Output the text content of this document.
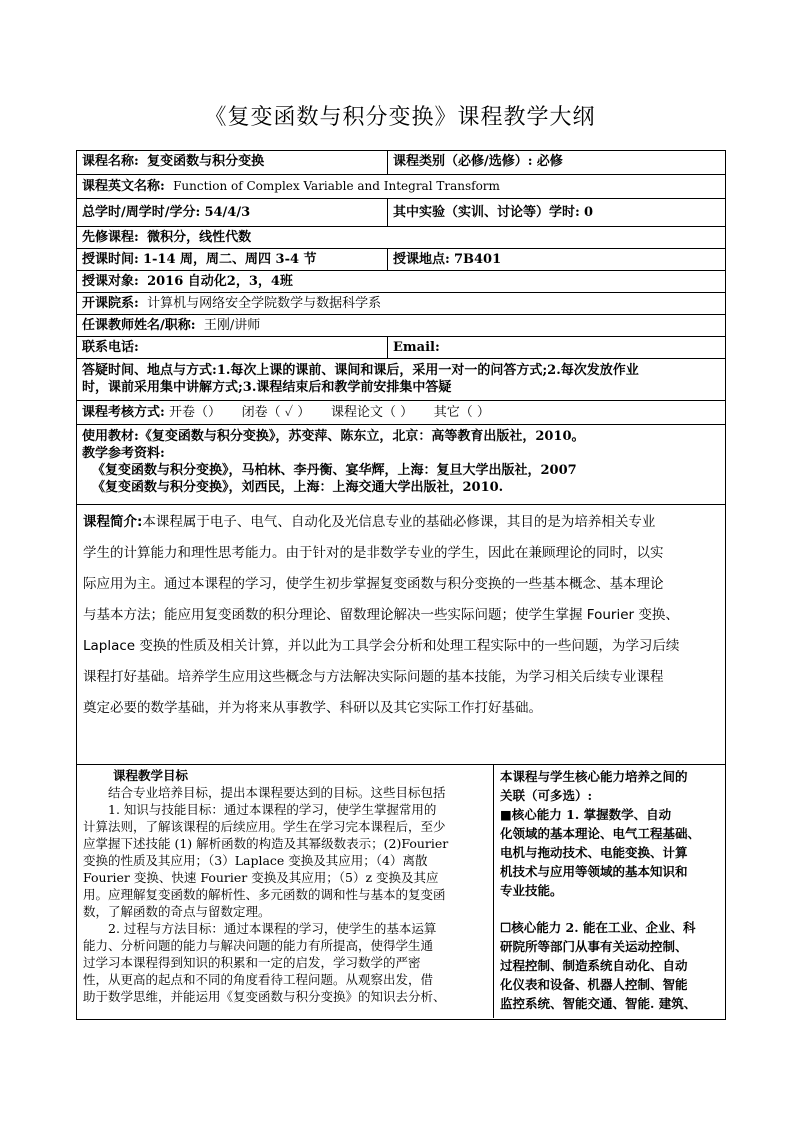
《复变函数与积分变换》课程教学大纲
课程名称: 复变函数与积分变换	课程类别（必修/选修）: 必修
课程英文名称: Function of Complex Variable and Integral Transform
总学时/周学时/学分: 54/4/3	其中实验（实训、讨论等）学时: 0
先修课程: 微积分，线性代数
授课时间: 1-14 周，周二、周四 3-4 节	授课地点: 7B401
授课对象: 2016 自动化2，3，4班
开课院系: 计算机与网络安全学院数学与数据科学系
任课教师姓名/职称: 王刚/讲师
联系电话:	Email:
答疑时间、地点与方式:1.每次上课的课前、课间和课后，采用一对一的问答方式;2.每次发放作业
时，课前采用集中讲解方式;3.课程结束后和教学前安排集中答疑
课程考核方式: 开卷（） 闭卷（ ✓ ） 课程论文（ ） 其它（ ）
使用教材:《复变函数与积分变换》，苏变萍、陈东立，北京：高等教育出版社，2010。
教学参考资料:
《复变函数与积分变换》，马柏林、李丹衡、宴华辉，上海：复旦大学出版社，2007
《复变函数与积分变换》，刘西民，上海：上海交通大学出版社，2010.

课程简介:本课程属于电子、电气、自动化及光信息专业的基础必修课，其目的是为培养相关专业

学生的计算能力和理性思考能力。由于针对的是非数学专业的学生，因此在兼顾理论的同时，以实

际应用为主。通过本课程的学习，使学生初步掌握复变函数与积分变换的一些基本概念、基本理论

与基本方法；能应用复变函数的积分理论、留数理论解决一些实际问题；使学生掌握 Fourier 变换、

Laplace 变换的性质及相关计算，并以此为工具学会分析和处理工程实际中的一些问题，为学习后续

课程打好基础。培养学生应用这些概念与方法解决实际问题的基本技能，为学习相关后续专业课程

奠定必要的数学基础，并为将来从事教学、科研以及其它实际工作打好基础。

课程教学目标

结合专业培养目标，提出本课程要达到的目标。这些目标包括

1. 知识与技能目标：通过本课程的学习，使学生掌握常用的

计算法则，了解该课程的后续应用。学生在学习完本课程后，至少

应掌握下述技能 (1) 解析函数的构造及其幂级数表示；(2)Fourier

变换的性质及其应用；（3）Laplace 变换及其应用；（4）离散

Fourier 变换、快速 Fourier 变换及其应用；（5）z 变换及其应

用。应理解复变函数的解析性、多元函数的调和性与基本的复变函

数，了解函数的奇点与留数定理。

2. 过程与方法目标：通过本课程的学习，使学生的基本运算

能力、分析问题的能力与解决问题的能力有所提高，使得学生通

过学习本课程得到知识的积累和一定的启发，学习数学的严密

性，从更高的起点和不同的角度看待工程问题。从观察出发，借

助于数学思维，并能运用《复变函数与积分变换》的知识去分析、

本课程与学生核心能力培养之间的

关联（可多选）:

■核心能力 1. 掌握数学、自动

化领域的基本理论、电气工程基础、

电机与拖动技术、电能变换、计算

机技术与应用等领域的基本知识和

专业技能。

☐核心能力 2. 能在工业、企业、科

研院所等部门从事有关运动控制、

过程控制、制造系统自动化、自动

化仪表和设备、机器人控制、智能

监控系统、智能交通、智能. 建筑、
